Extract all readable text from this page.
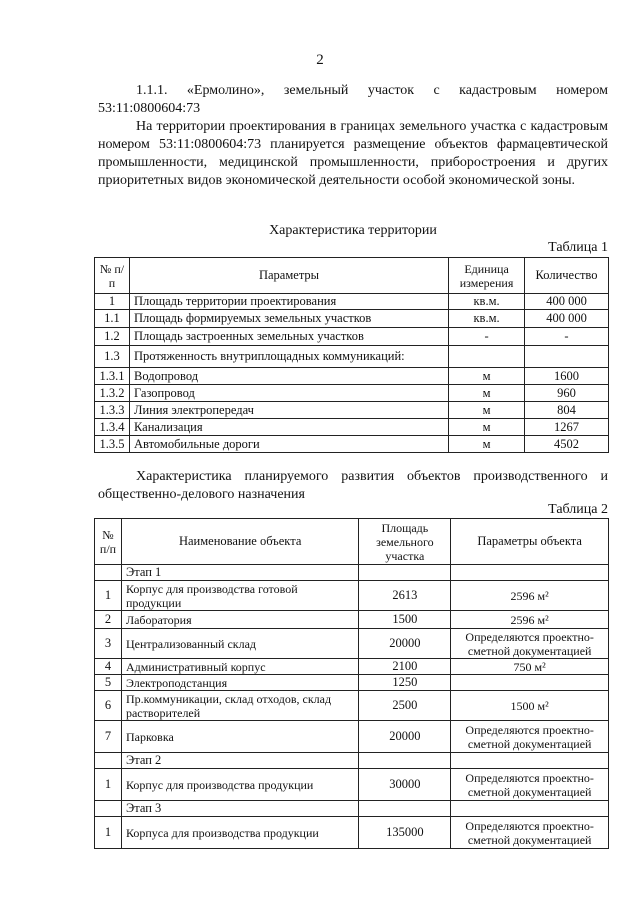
2
1.1.1. «Ермолино», земельный участок с кадастровым номером 53:11:0800604:73
На территории проектирования в границах земельного участка с кадастровым номером 53:11:0800604:73 планируется размещение объектов фармацевтической промышленности, медицинской промышленности, приборостроения и других приоритетных видов экономической деятельности особой экономической зоны.
Характеристика территории
Таблица 1
№ п/п	Параметры	Единица измерения	Количество
1	Площадь территории проектирования	кв.м.	400 000
1.1	Площадь формируемых земельных участков	кв.м.	400 000
1.2	Площадь застроенных земельных участков	-	-
1.3	Протяженность внутриплощадных коммуникаций:		
1.3.1	Водопровод	м	1600
1.3.2	Газопровод	м	960
1.3.3	Линия электропередач	м	804
1.3.4	Канализация	м	1267
1.3.5	Автомобильные дороги	м	4502
Характеристика планируемого развития объектов производственного и общественно-делового назначения
Таблица 2
№ п/п	Наименование объекта	Площадь земельного участка	Параметры объекта
	Этап 1		
1	Корпус для производства готовой продукции	2613	2596 м²
2	Лаборатория	1500	2596 м²
3	Централизованный склад	20000	Определяются проектно-сметной документацией
4	Административный корпус	2100	750 м²
5	Электроподстанция	1250	
6	Пр.коммуникации, склад отходов, склад растворителей	2500	1500 м²
7	Парковка	20000	Определяются проектно-сметной документацией
	Этап 2		
1	Корпус для производства продукции	30000	Определяются проектно-сметной документацией
	Этап 3		
1	Корпуса для производства продукции	135000	Определяются проектно-сметной документацией
